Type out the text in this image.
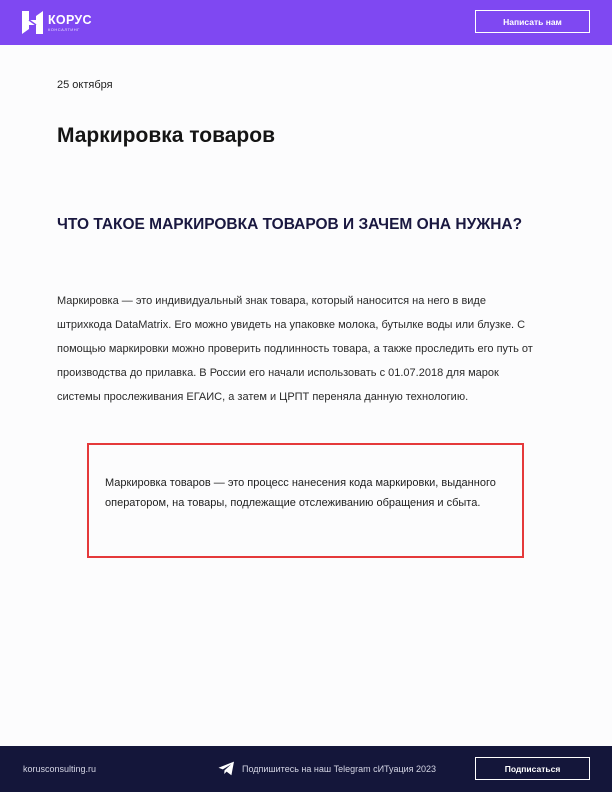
КОРУС
КОНСАЛТИНГ
Написать нам
25 октября
Маркировка товаров
ЧТО ТАКОЕ МАРКИРОВКА ТОВАРОВ И ЗАЧЕМ ОНА НУЖНА?

Маркировка — это индивидуальный знак товара, который наносится на него в виде штрихкода DataMatrix. Его можно увидеть на упаковке молока, бутылке воды или блузке. С помощью маркировки можно проверить подлинность товара, а также проследить его путь от производства до прилавка. В России его начали использовать с 01.07.2018 для марок системы прослеживания ЕГАИС, а затем и ЦРПТ переняла данную технологию.

Маркировка товаров — это процесс нанесения кода маркировки, выданного оператором, на товары, подлежащие отслеживанию обращения и сбыта.

korusconsulting.ru	Подпишитесь на наш Telegram сИТуация 2023	Подписаться
